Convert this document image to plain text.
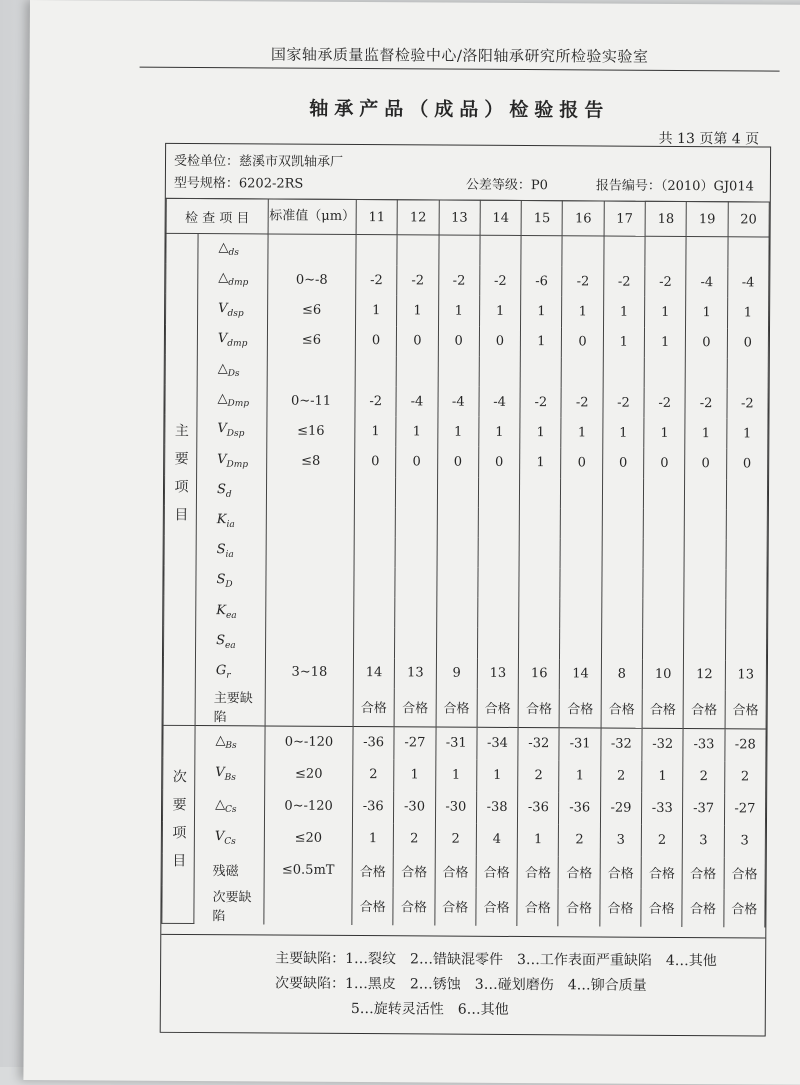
国家轴承质量监督检验中心/洛阳轴承研究所检验实验室
轴承产品（成品）检验报告
共 13 页第 4 页
受检单位：慈溪市双凯轴承厂
型号规格：6202-2RS	公差等级：P0	报告编号：（2010）GJ014
检 查 项 目		标准值（μm）	11	12	13	14	15	16	17	18	19	20

主要项目	$\triangle_{ds}$											
	$\triangle_{dmp}$	0~-8	-2	-2	-2	-2	-6	-2	-2	-2	-4	-4
	$V_{dsp}$	≤6	1	1	1	1	1	1	1	1	1	1
	$V_{dmp}$	≤6	0	0	0	0	1	0	1	1	0	0
	$\triangle_{Ds}$											
	$\triangle_{Dmp}$	0~-11	-2	-4	-4	-4	-2	-2	-2	-2	-2	-2
	$V_{Dsp}$	≤16	1	1	1	1	1	1	1	1	1	1
	$V_{Dmp}$	≤8	0	0	0	0	1	0	0	0	0	0
	$S_d$											
	$K_{ia}$											
	$S_{ia}$											
	$S_D$											
	$K_{ea}$											
	$S_{ea}$											
	$G_r$	3~18	14	13	9	13	16	14	8	10	12	13
	主要缺陷		合格	合格	合格	合格	合格	合格	合格	合格	合格	合格

次要项目	$\triangle_{Bs}$	0~-120	-36	-27	-31	-34	-32	-31	-32	-32	-33	-28
	$V_{Bs}$	≤20	2	1	1	1	2	1	2	1	2	2
	$\triangle_{Cs}$	0~-120	-36	-30	-30	-38	-36	-36	-29	-33	-37	-27
	$V_{Cs}$	≤20	1	2	2	4	1	2	3	2	3	3
	残磁	≤0.5mT	合格	合格	合格	合格	合格	合格	合格	合格	合格	合格
	次要缺陷		合格	合格	合格	合格	合格	合格	合格	合格	合格	合格
主要缺陷：1…裂纹 2…错缺混零件 3…工作表面严重缺陷 4…其他
次要缺陷：1…黑皮 2…锈蚀 3…碰划磨伤 4…铆合质量
5…旋转灵活性 6…其他
